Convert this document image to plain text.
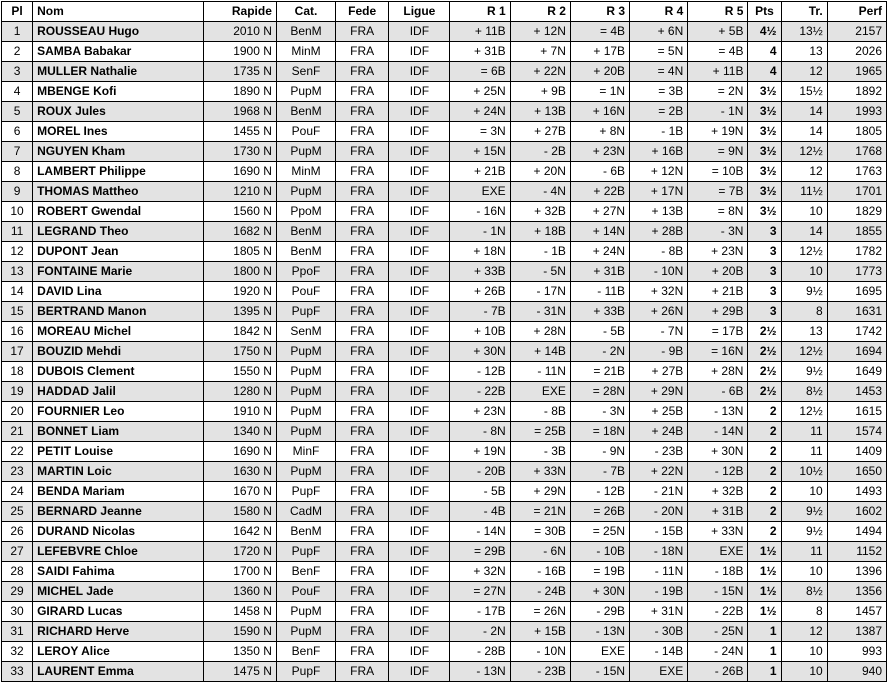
Pl	Nom	Rapide	Cat.	Fede	Ligue	R 1	R 2	R 3	R 4	R 5	Pts	Tr.	Perf
1	ROUSSEAU Hugo	2010 N	BenM	FRA	IDF	+ 11B	+ 12N	= 4B	+ 6N	+ 5B	4½	13½	2157
2	SAMBA Babakar	1900 N	MinM	FRA	IDF	+ 31B	+ 7N	+ 17B	= 5N	= 4B	4	13	2026
3	MULLER Nathalie	1735 N	SenF	FRA	IDF	= 6B	+ 22N	+ 20B	= 4N	+ 11B	4	12	1965
4	MBENGE Kofi	1890 N	PupM	FRA	IDF	+ 25N	+ 9B	= 1N	= 3B	= 2N	3½	15½	1892
5	ROUX Jules	1968 N	BenM	FRA	IDF	+ 24N	+ 13B	+ 16N	= 2B	- 1N	3½	14	1993
6	MOREL Ines	1455 N	PouF	FRA	IDF	= 3N	+ 27B	+ 8N	- 1B	+ 19N	3½	14	1805
7	NGUYEN Kham	1730 N	PupM	FRA	IDF	+ 15N	- 2B	+ 23N	+ 16B	= 9N	3½	12½	1768
8	LAMBERT Philippe	1690 N	MinM	FRA	IDF	+ 21B	+ 20N	- 6B	+ 12N	= 10B	3½	12	1763
9	THOMAS Mattheo	1210 N	PupM	FRA	IDF	EXE	- 4N	+ 22B	+ 17N	= 7B	3½	11½	1701
10	ROBERT Gwendal	1560 N	PpoM	FRA	IDF	- 16N	+ 32B	+ 27N	+ 13B	= 8N	3½	10	1829
11	LEGRAND Theo	1682 N	BenM	FRA	IDF	- 1N	+ 18B	+ 14N	+ 28B	- 3N	3	14	1855
12	DUPONT Jean	1805 N	BenM	FRA	IDF	+ 18N	- 1B	+ 24N	- 8B	+ 23N	3	12½	1782
13	FONTAINE Marie	1800 N	PpoF	FRA	IDF	+ 33B	- 5N	+ 31B	- 10N	+ 20B	3	10	1773
14	DAVID Lina	1920 N	PouF	FRA	IDF	+ 26B	- 17N	- 11B	+ 32N	+ 21B	3	9½	1695
15	BERTRAND Manon	1395 N	PupF	FRA	IDF	- 7B	- 31N	+ 33B	+ 26N	+ 29B	3	8	1631
16	MOREAU Michel	1842 N	SenM	FRA	IDF	+ 10B	+ 28N	- 5B	- 7N	= 17B	2½	13	1742
17	BOUZID Mehdi	1750 N	PupM	FRA	IDF	+ 30N	+ 14B	- 2N	- 9B	= 16N	2½	12½	1694
18	DUBOIS Clement	1550 N	PupM	FRA	IDF	- 12B	- 11N	= 21B	+ 27B	+ 28N	2½	9½	1649
19	HADDAD Jalil	1280 N	PupM	FRA	IDF	- 22B	EXE	= 28N	+ 29N	- 6B	2½	8½	1453
20	FOURNIER Leo	1910 N	PupM	FRA	IDF	+ 23N	- 8B	- 3N	+ 25B	- 13N	2	12½	1615
21	BONNET Liam	1340 N	PupM	FRA	IDF	- 8N	= 25B	= 18N	+ 24B	- 14N	2	11	1574
22	PETIT Louise	1690 N	MinF	FRA	IDF	+ 19N	- 3B	- 9N	- 23B	+ 30N	2	11	1409
23	MARTIN Loic	1630 N	PupM	FRA	IDF	- 20B	+ 33N	- 7B	+ 22N	- 12B	2	10½	1650
24	BENDA Mariam	1670 N	PupF	FRA	IDF	- 5B	+ 29N	- 12B	- 21N	+ 32B	2	10	1493
25	BERNARD Jeanne	1580 N	CadM	FRA	IDF	- 4B	= 21N	= 26B	- 20N	+ 31B	2	9½	1602
26	DURAND Nicolas	1642 N	BenM	FRA	IDF	- 14N	= 30B	= 25N	- 15B	+ 33N	2	9½	1494
27	LEFEBVRE Chloe	1720 N	PupF	FRA	IDF	= 29B	- 6N	- 10B	- 18N	EXE	1½	11	1152
28	SAIDI Fahima	1700 N	BenF	FRA	IDF	+ 32N	- 16B	= 19B	- 11N	- 18B	1½	10	1396
29	MICHEL Jade	1360 N	PouF	FRA	IDF	= 27N	- 24B	+ 30N	- 19B	- 15N	1½	8½	1356
30	GIRARD Lucas	1458 N	PupM	FRA	IDF	- 17B	= 26N	- 29B	+ 31N	- 22B	1½	8	1457
31	RICHARD Herve	1590 N	PupM	FRA	IDF	- 2N	+ 15B	- 13N	- 30B	- 25N	1	12	1387
32	LEROY Alice	1350 N	BenF	FRA	IDF	- 28B	- 10N	EXE	- 14B	- 24N	1	10	993
33	LAURENT Emma	1475 N	PupF	FRA	IDF	- 13N	- 23B	- 15N	EXE	- 26B	1	10	940
